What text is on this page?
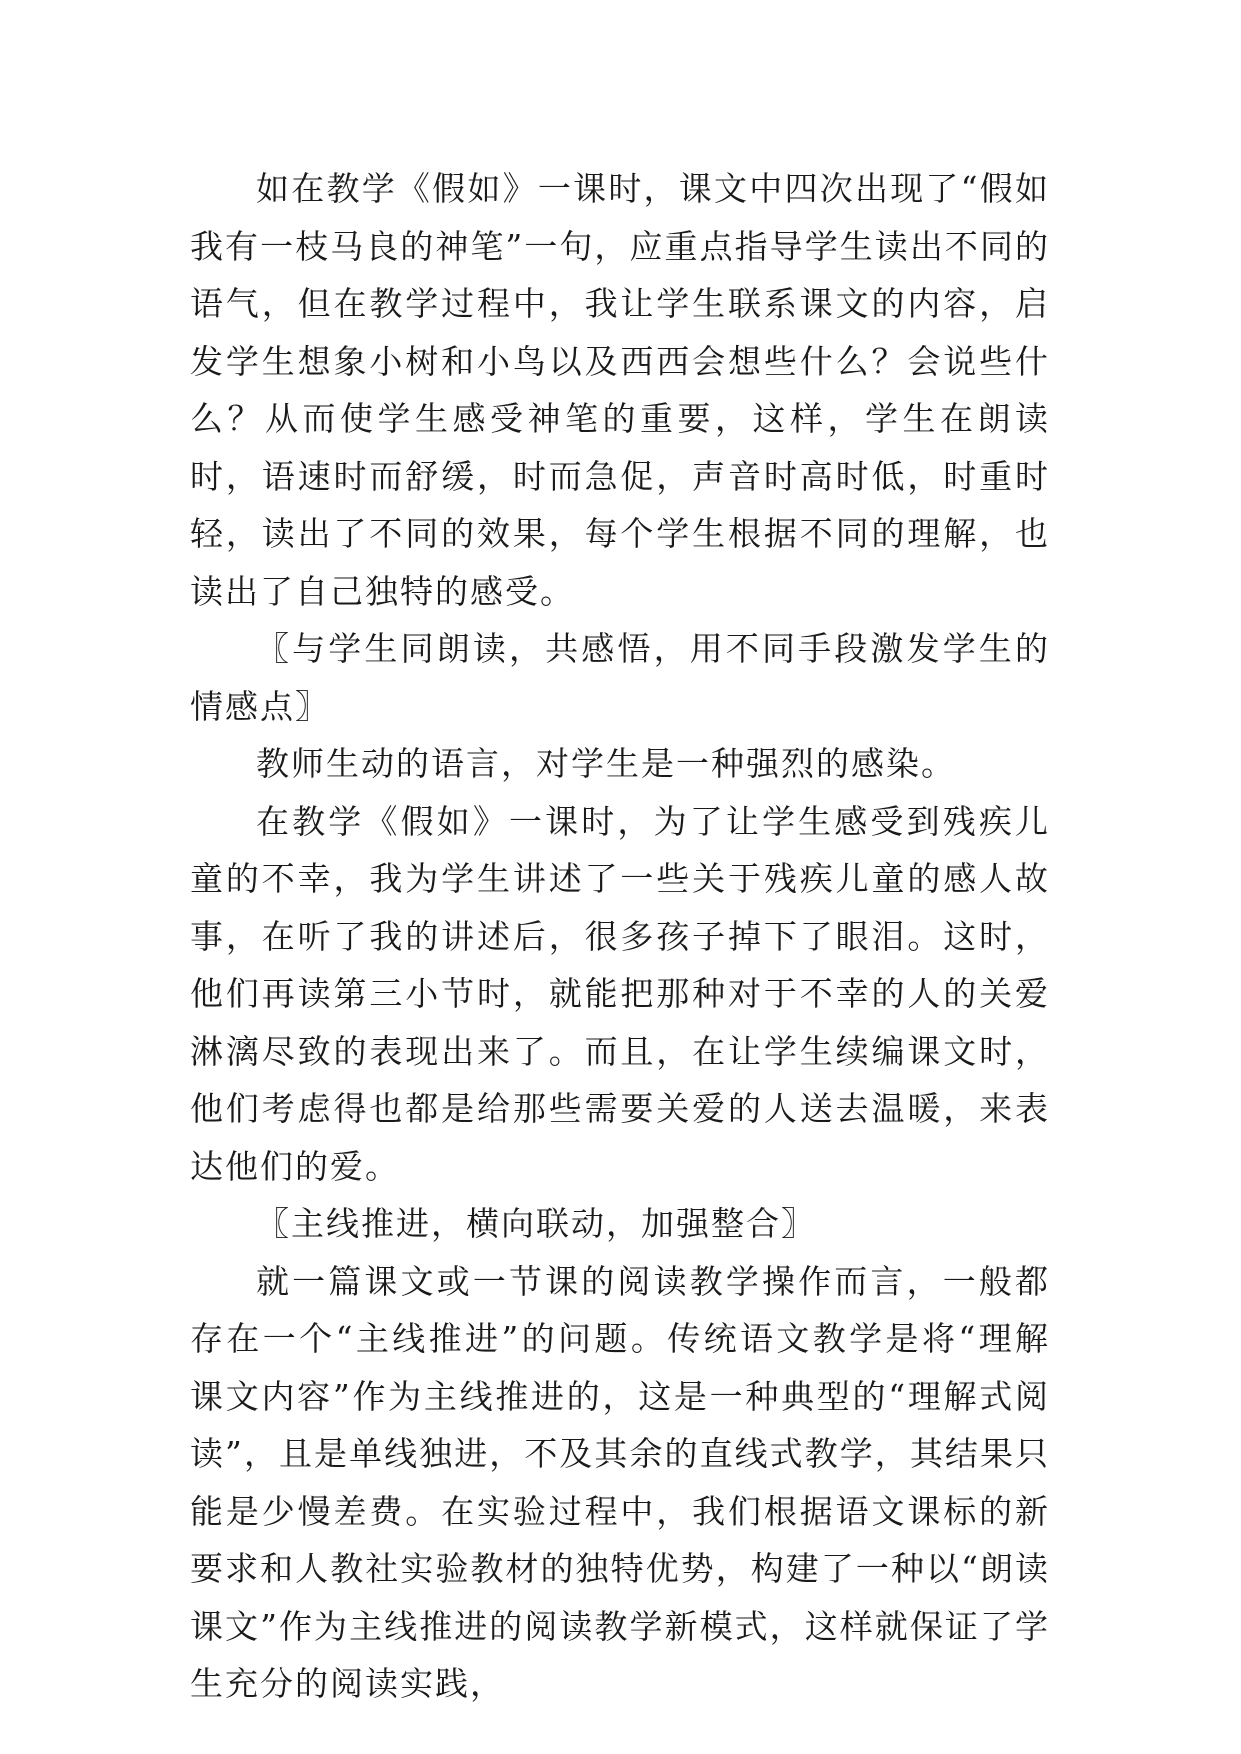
如在教学《假如》一课时，课文中四次出现了“假如我有一枝马良的神笔”一句，应重点指导学生读出不同的语气，但在教学过程中，我让学生联系课文的内容，启发学生想象小树和小鸟以及西西会想些什么？会说些什么？从而使学生感受神笔的重要，这样，学生在朗读时，语速时而舒缓，时而急促，声音时高时低，时重时轻，读出了不同的效果，每个学生根据不同的理解，也读出了自己独特的感受。

〖与学生同朗读，共感悟，用不同手段激发学生的情感点〗

教师生动的语言，对学生是一种强烈的感染。

在教学《假如》一课时，为了让学生感受到残疾儿童的不幸，我为学生讲述了一些关于残疾儿童的感人故事，在听了我的讲述后，很多孩子掉下了眼泪。这时，他们再读第三小节时，就能把那种对于不幸的人的关爱淋漓尽致的表现出来了。而且，在让学生续编课文时，他们考虑得也都是给那些需要关爱的人送去温暖，来表达他们的爱。

〖主线推进，横向联动，加强整合〗

就一篇课文或一节课的阅读教学操作而言，一般都存在一个“主线推进”的问题。传统语文教学是将“理解课文内容”作为主线推进的，这是一种典型的“理解式阅读”，且是单线独进，不及其余的直线式教学，其结果只能是少慢差费。在实验过程中，我们根据语文课标的新要求和人教社实验教材的独特优势，构建了一种以“朗读课文”作为主线推进的阅读教学新模式，这样就保证了学生充分的阅读实践，
